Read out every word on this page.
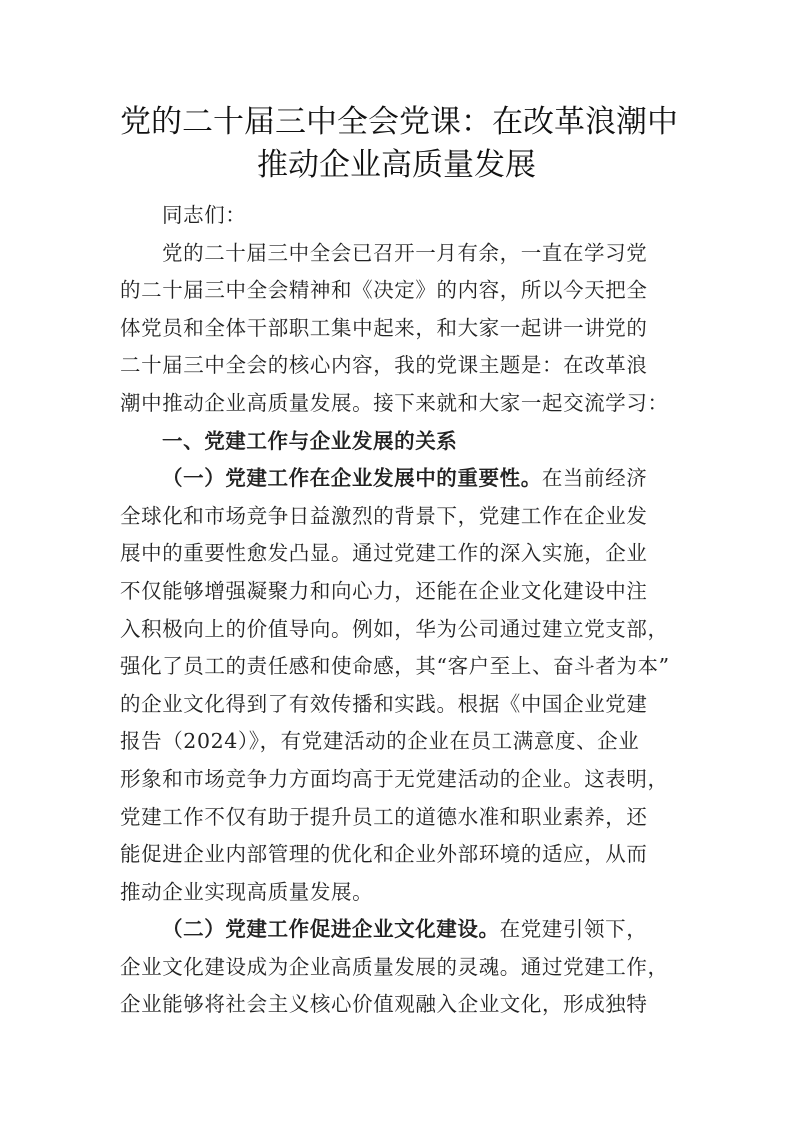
党的二十届三中全会党课：在改革浪潮中
推动企业高质量发展
同志们：
党的二十届三中全会已召开一月有余，一直在学习党
的二十届三中全会精神和《决定》的内容，所以今天把全
体党员和全体干部职工集中起来，和大家一起讲一讲党的
二十届三中全会的核心内容，我的党课主题是：在改革浪
潮中推动企业高质量发展。接下来就和大家一起交流学习：
一、党建工作与企业发展的关系
（一）党建工作在企业发展中的重要性。在当前经济
全球化和市场竞争日益激烈的背景下，党建工作在企业发
展中的重要性愈发凸显。通过党建工作的深入实施，企业
不仅能够增强凝聚力和向心力，还能在企业文化建设中注
入积极向上的价值导向。例如，华为公司通过建立党支部，
强化了员工的责任感和使命感，其“客户至上、奋斗者为本”
的企业文化得到了有效传播和实践。根据《中国企业党建
报告（2024）》，有党建活动的企业在员工满意度、企业
形象和市场竞争力方面均高于无党建活动的企业。这表明，
党建工作不仅有助于提升员工的道德水准和职业素养，还
能促进企业内部管理的优化和企业外部环境的适应，从而
推动企业实现高质量发展。
（二）党建工作促进企业文化建设。在党建引领下，
企业文化建设成为企业高质量发展的灵魂。通过党建工作，
企业能够将社会主义核心价值观融入企业文化，形成独特
